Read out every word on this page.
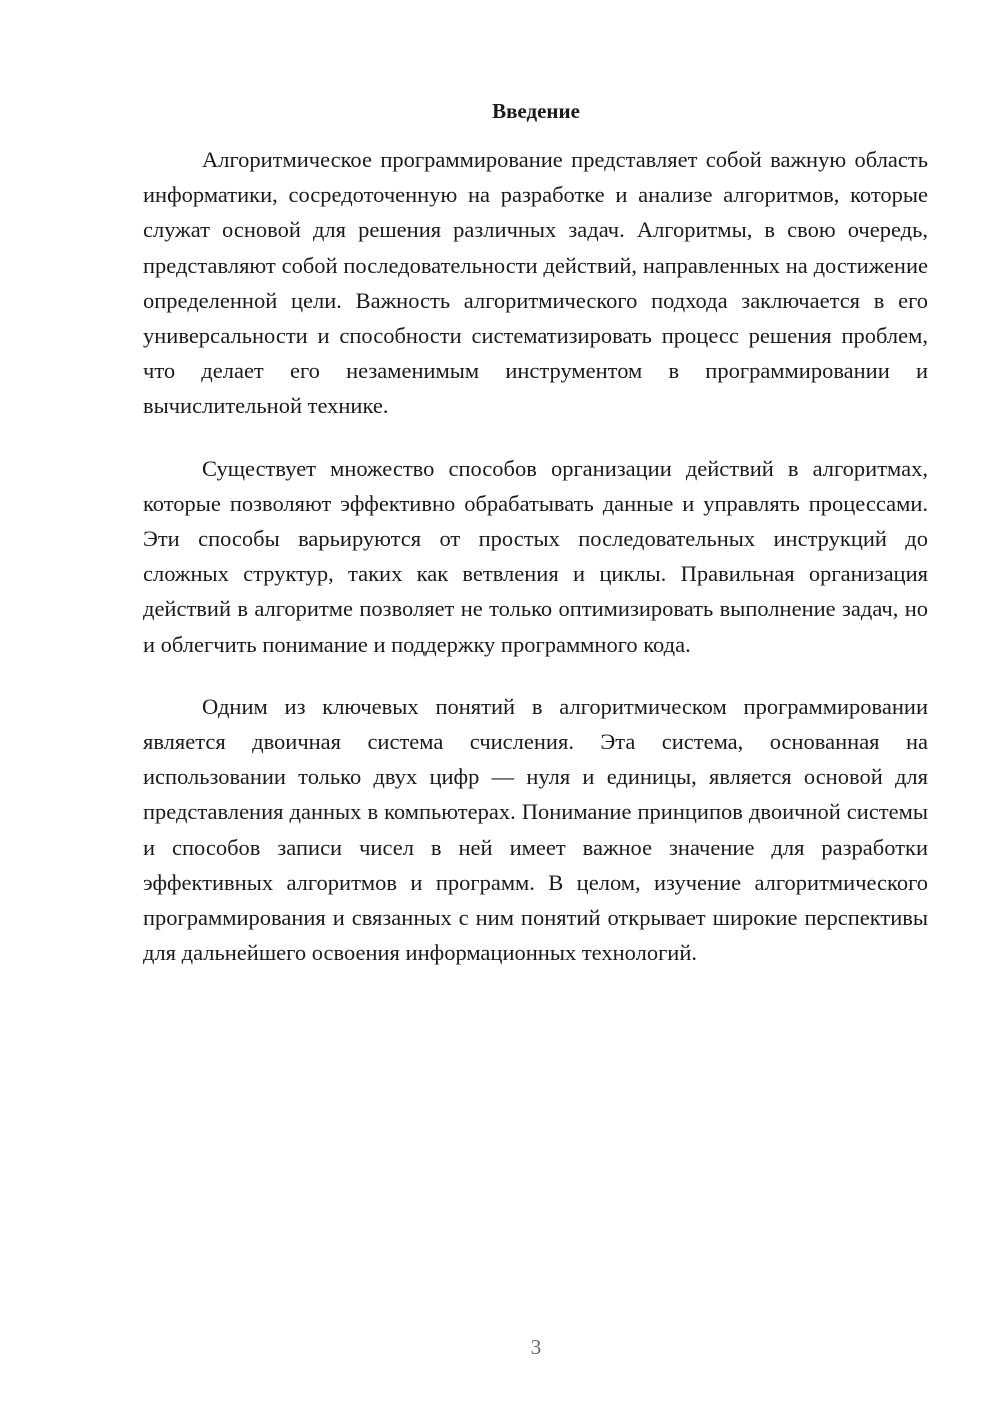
Введение

Алгоритмическое программирование представляет собой важную область информатики, сосредоточенную на разработке и анализе алгоритмов, которые служат основой для решения различных задач. Алгоритмы, в свою очередь, представляют собой последовательности действий, направленных на достижение определенной цели. Важность алгоритмического подхода заключается в его универсальности и способности систематизировать процесс решения проблем, что делает его незаменимым инструментом в программировании и вычислительной технике.

Существует множество способов организации действий в алгоритмах, которые позволяют эффективно обрабатывать данные и управлять процессами. Эти способы варьируются от простых последовательных инструкций до сложных структур, таких как ветвления и циклы. Правильная организация действий в алгоритме позволяет не только оптимизировать выполнение задач, но и облегчить понимание и поддержку программного кода.

Одним из ключевых понятий в алгоритмическом программировании является двоичная система счисления. Эта система, основанная на использовании только двух цифр — нуля и единицы, является основой для представления данных в компьютерах. Понимание принципов двоичной системы и способов записи чисел в ней имеет важное значение для разработки эффективных алгоритмов и программ. В целом, изучение алгоритмического программирования и связанных с ним понятий открывает широкие перспективы для дальнейшего освоения информационных технологий.

3
